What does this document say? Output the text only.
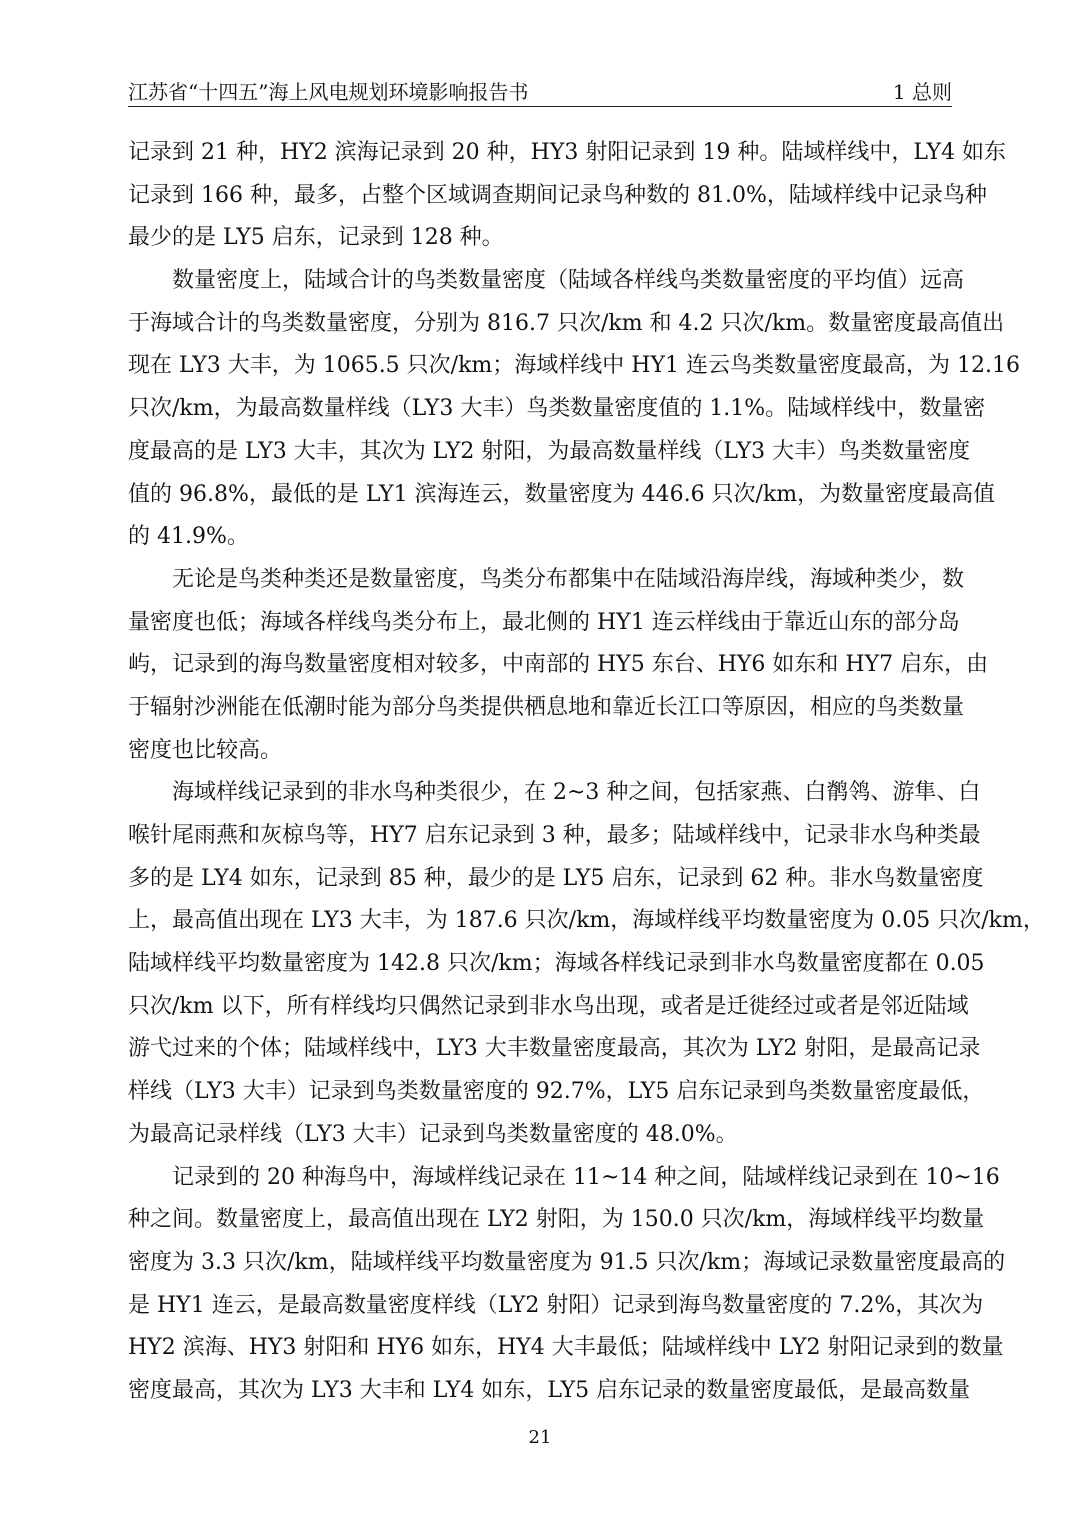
江苏省“十四五”海上风电规划环境影响报告书	1 总则
记录到 21 种，HY2 滨海记录到 20 种，HY3 射阳记录到 19 种。陆域样线中，LY4 如东
记录到 166 种，最多，占整个区域调查期间记录鸟种数的 81.0%，陆域样线中记录鸟种
最少的是 LY5 启东，记录到 128 种。
数量密度上，陆域合计的鸟类数量密度（陆域各样线鸟类数量密度的平均值）远高
于海域合计的鸟类数量密度，分别为 816.7 只次/km 和 4.2 只次/km。数量密度最高值出
现在 LY3 大丰，为 1065.5 只次/km；海域样线中 HY1 连云鸟类数量密度最高，为 12.16
只次/km，为最高数量样线（LY3 大丰）鸟类数量密度值的 1.1%。陆域样线中，数量密
度最高的是 LY3 大丰，其次为 LY2 射阳，为最高数量样线（LY3 大丰）鸟类数量密度
值的 96.8%，最低的是 LY1 滨海连云，数量密度为 446.6 只次/km，为数量密度最高值
的 41.9%。
无论是鸟类种类还是数量密度，鸟类分布都集中在陆域沿海岸线，海域种类少，数
量密度也低；海域各样线鸟类分布上，最北侧的 HY1 连云样线由于靠近山东的部分岛
屿，记录到的海鸟数量密度相对较多，中南部的 HY5 东台、HY6 如东和 HY7 启东，由
于辐射沙洲能在低潮时能为部分鸟类提供栖息地和靠近长江口等原因，相应的鸟类数量
密度也比较高。
海域样线记录到的非水鸟种类很少，在 2~3 种之间，包括家燕、白鹡鸰、游隼、白
喉针尾雨燕和灰椋鸟等，HY7 启东记录到 3 种，最多；陆域样线中，记录非水鸟种类最
多的是 LY4 如东，记录到 85 种，最少的是 LY5 启东，记录到 62 种。非水鸟数量密度
上，最高值出现在 LY3 大丰，为 187.6 只次/km，海域样线平均数量密度为 0.05 只次/km，
陆域样线平均数量密度为 142.8 只次/km；海域各样线记录到非水鸟数量密度都在 0.05
只次/km 以下，所有样线均只偶然记录到非水鸟出现，或者是迁徙经过或者是邻近陆域
游弋过来的个体；陆域样线中，LY3 大丰数量密度最高，其次为 LY2 射阳，是最高记录
样线（LY3 大丰）记录到鸟类数量密度的 92.7%，LY5 启东记录到鸟类数量密度最低，
为最高记录样线（LY3 大丰）记录到鸟类数量密度的 48.0%。
记录到的 20 种海鸟中，海域样线记录在 11~14 种之间，陆域样线记录到在 10~16
种之间。数量密度上，最高值出现在 LY2 射阳，为 150.0 只次/km，海域样线平均数量
密度为 3.3 只次/km，陆域样线平均数量密度为 91.5 只次/km；海域记录数量密度最高的
是 HY1 连云，是最高数量密度样线（LY2 射阳）记录到海鸟数量密度的 7.2%，其次为
HY2 滨海、HY3 射阳和 HY6 如东，HY4 大丰最低；陆域样线中 LY2 射阳记录到的数量
密度最高，其次为 LY3 大丰和 LY4 如东，LY5 启东记录的数量密度最低，是最高数量
21
